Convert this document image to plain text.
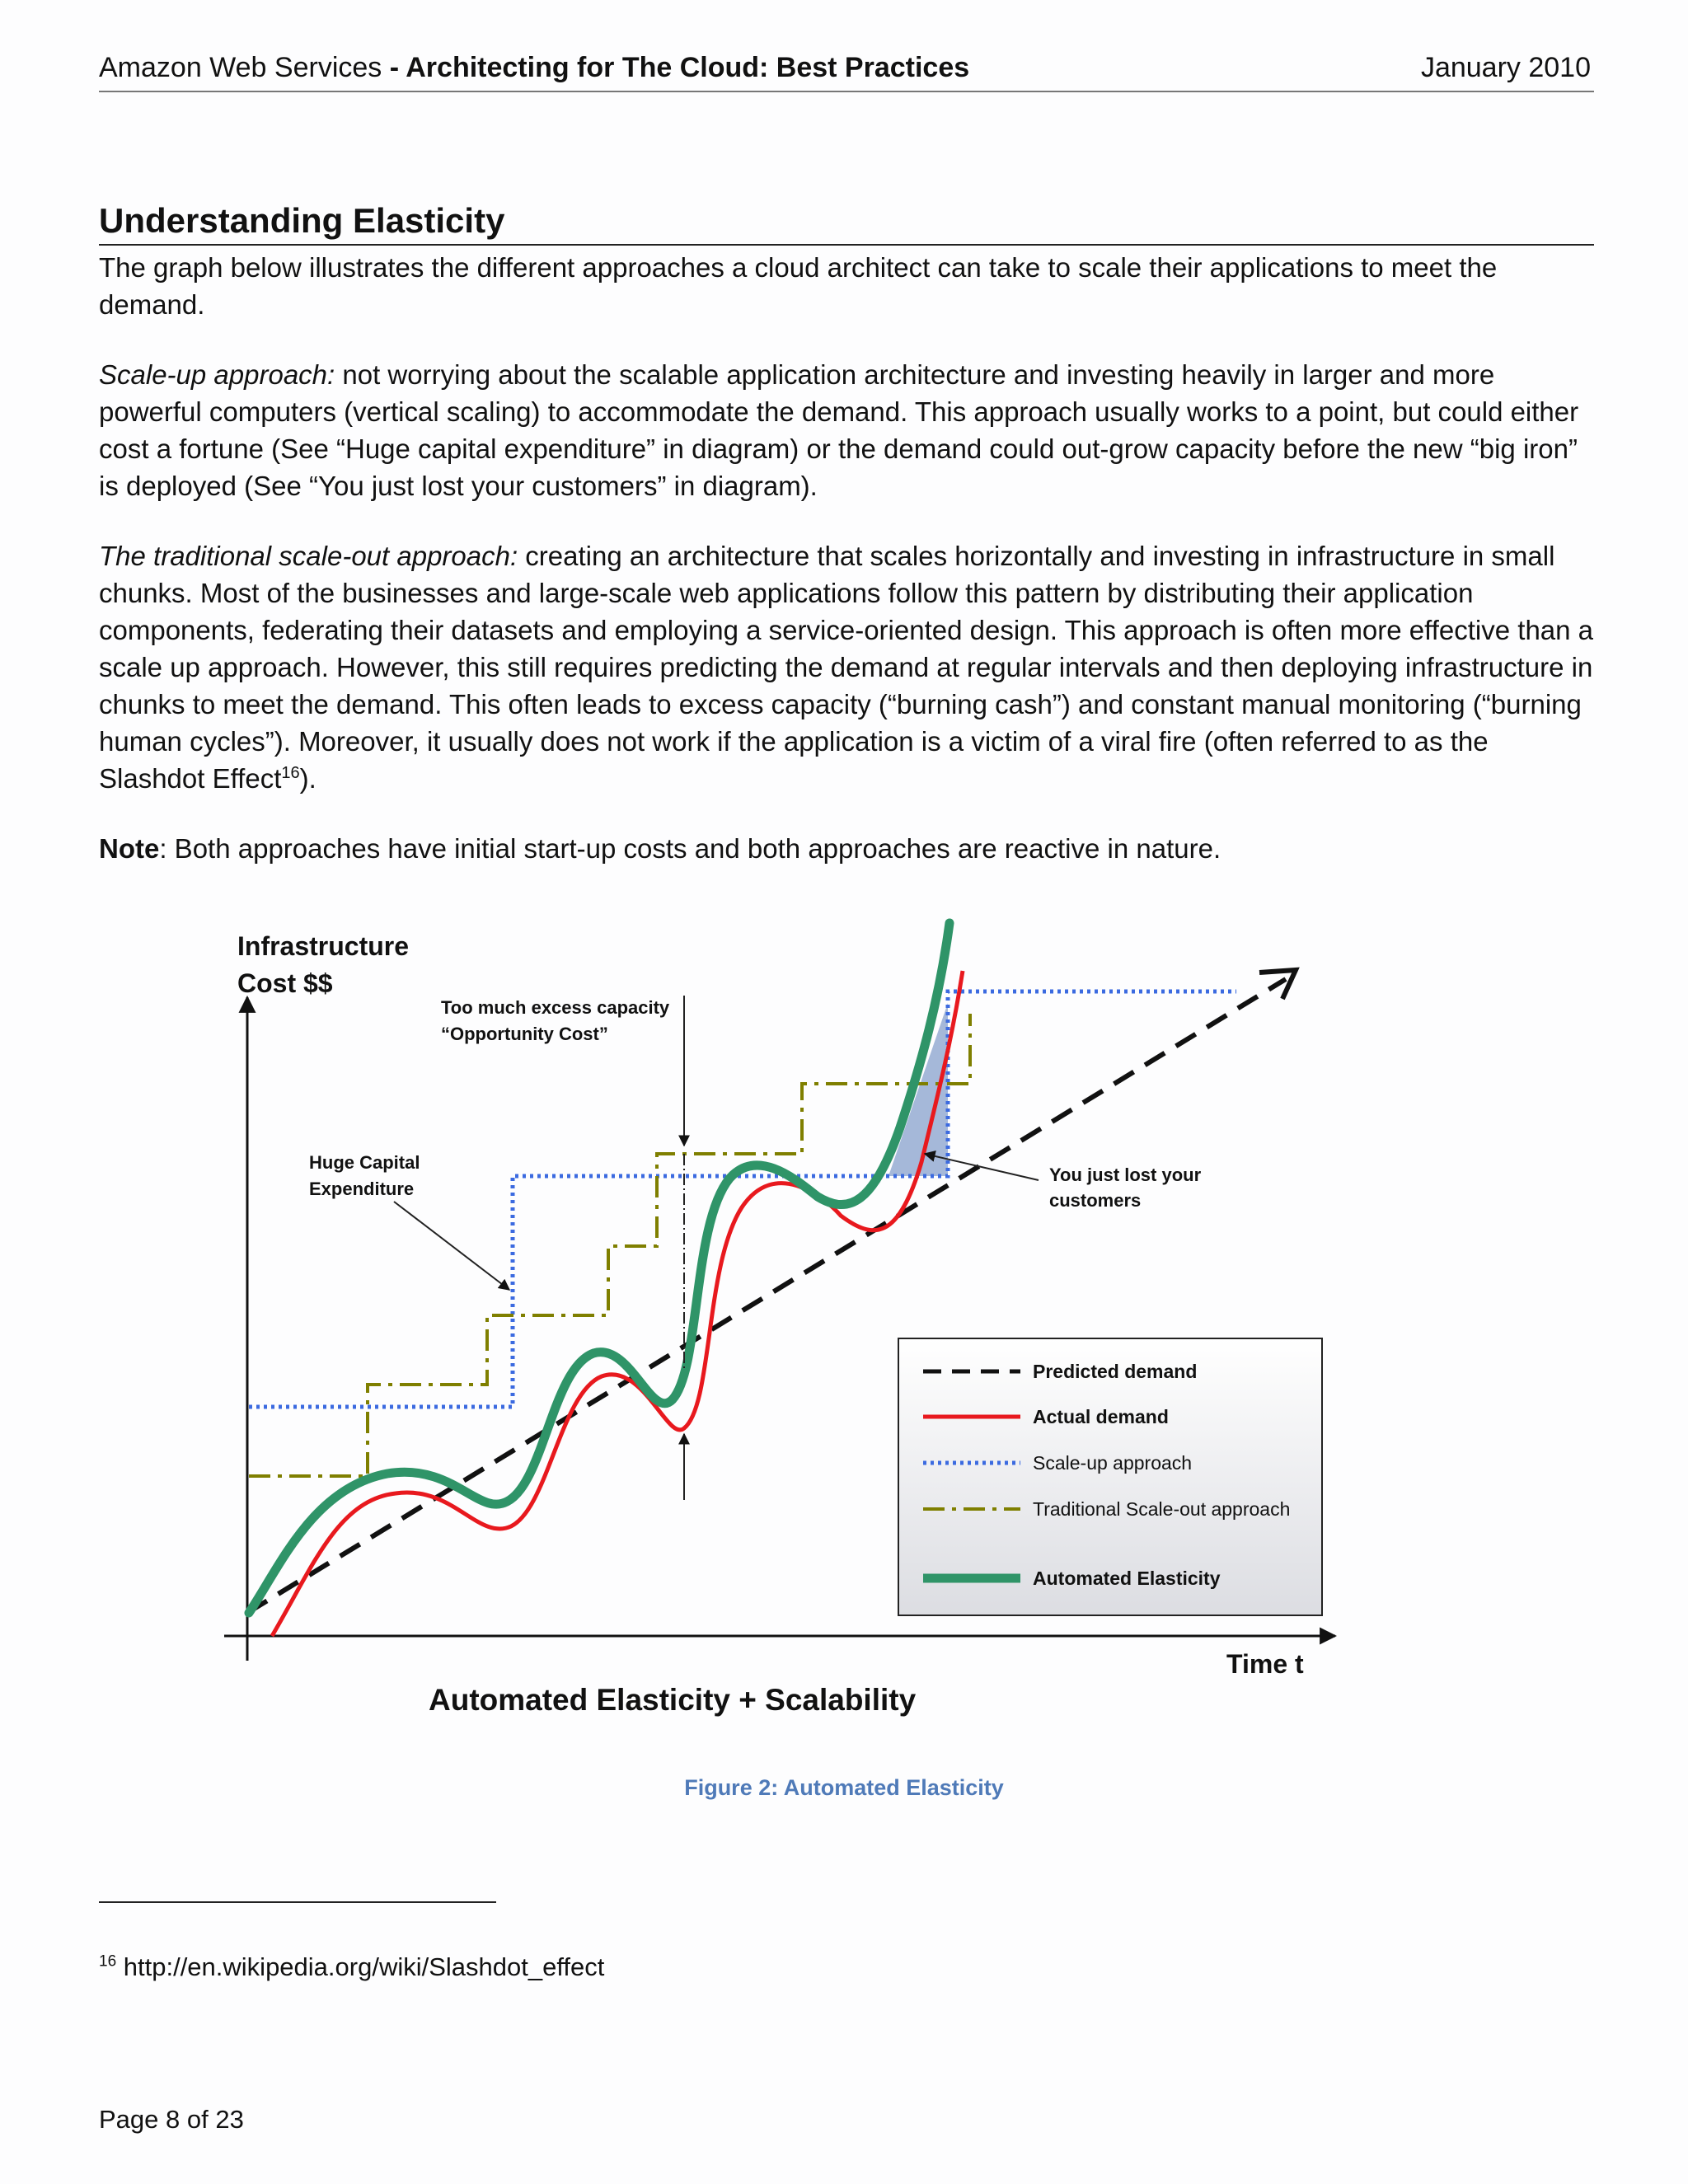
Amazon Web Services - Architecting for The Cloud: Best Practices	January 2010
Understanding Elasticity

The graph below illustrates the different approaches a cloud architect can take to scale their applications to meet the demand.

Scale-up approach: not worrying about the scalable application architecture and investing heavily in larger and more powerful computers (vertical scaling) to accommodate the demand. This approach usually works to a point, but could either cost a fortune (See “Huge capital expenditure” in diagram) or the demand could out-grow capacity before the new “big iron” is deployed (See “You just lost your customers” in diagram).

The traditional scale-out approach: creating an architecture that scales horizontally and investing in infrastructure in small chunks. Most of the businesses and large-scale web applications follow this pattern by distributing their application components, federating their datasets and employing a service-oriented design. This approach is often more effective than a scale up approach. However, this still requires predicting the demand at regular intervals and then deploying infrastructure in chunks to meet the demand. This often leads to excess capacity (“burning cash”) and constant manual monitoring (“burning human cycles”). Moreover, it usually does not work if the application is a victim of a viral fire (often referred to as the Slashdot Effect$^{16}$).

Note: Both approaches have initial start-up costs and both approaches are reactive in nature.

Too much excess capacity
“Opportunity Cost”
Huge Capital
Expenditure
You just lost your
customers
Infrastructure
Cost $$
Time t
Automated Elasticity + Scalability
Predicted demand
Actual demand
Scale-up approach
Traditional Scale-out approach
Automated Elasticity
Figure 2: Automated Elasticity
$^{16}$ http://en.wikipedia.org/wiki/Slashdot_effect
Page 8 of 23
